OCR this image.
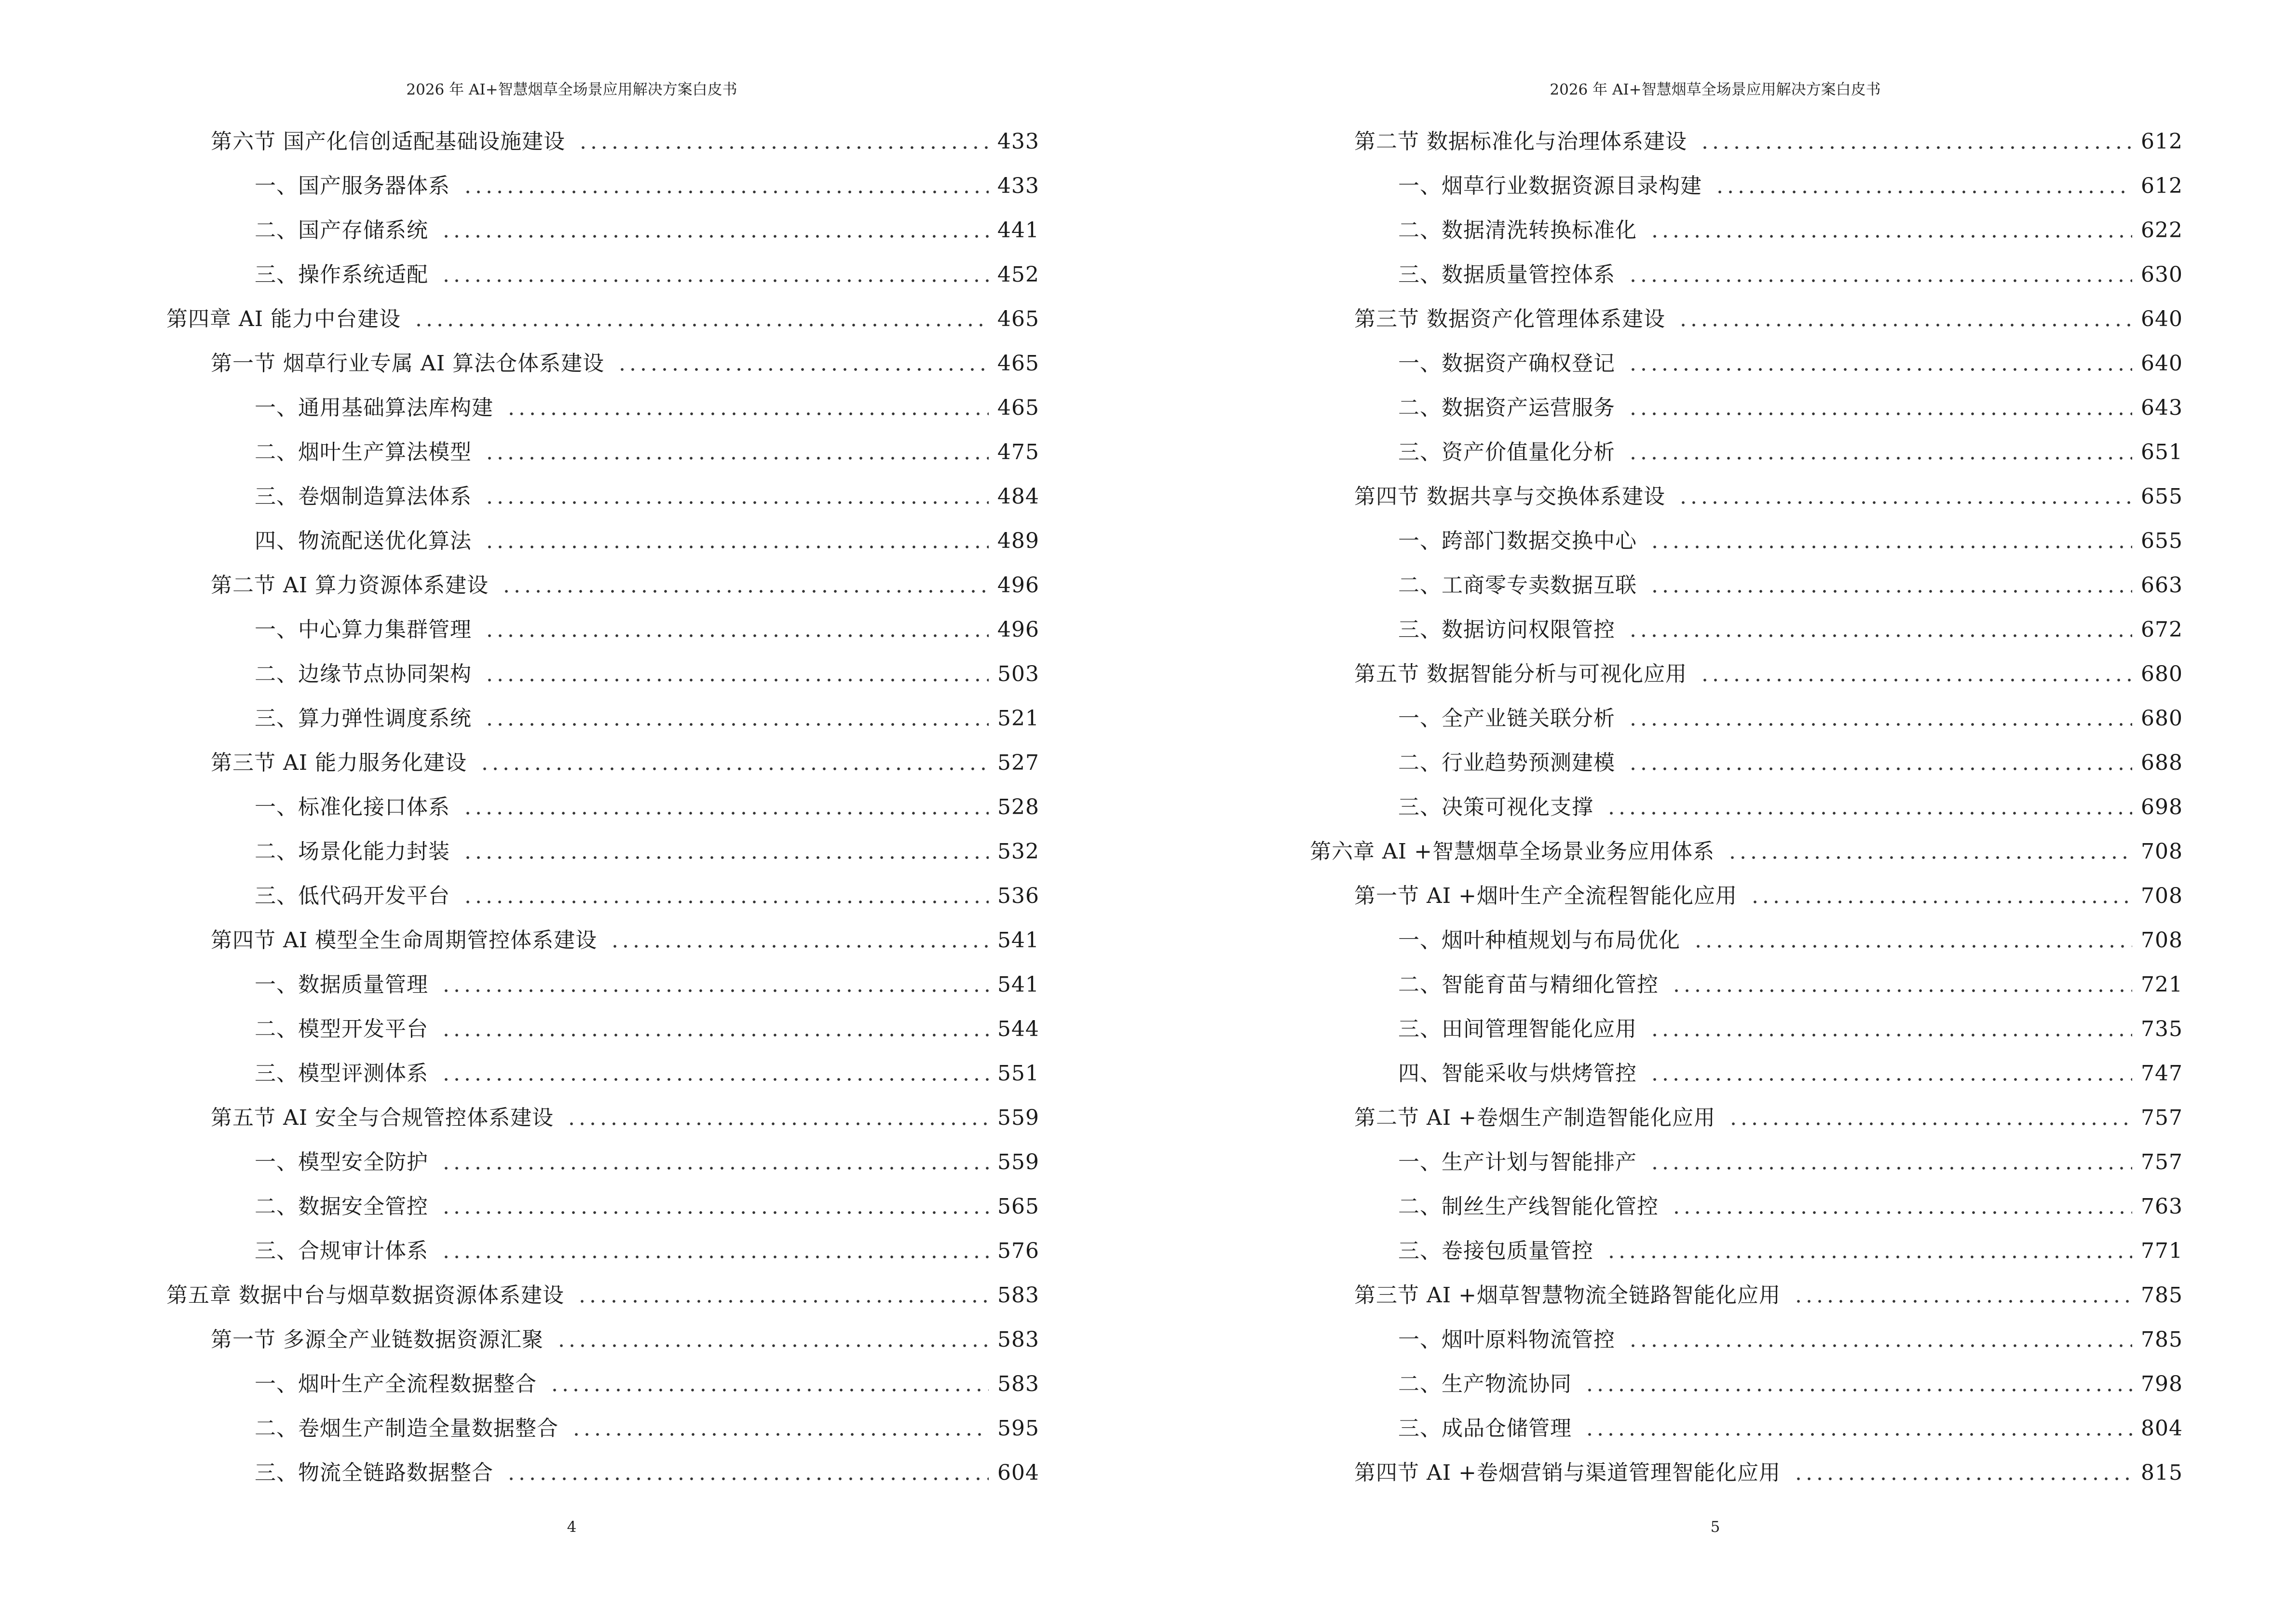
2026 年 AI+智慧烟草全场景应用解决方案白皮书
第六节 国产化信创适配基础设施建设	433
一、国产服务器体系	433
二、国产存储系统	441
三、操作系统适配	452
第四章 AI 能力中台建设	465
第一节 烟草行业专属 AI 算法仓体系建设	465
一、通用基础算法库构建	465
二、烟叶生产算法模型	475
三、卷烟制造算法体系	484
四、物流配送优化算法	489
第二节 AI 算力资源体系建设	496
一、中心算力集群管理	496
二、边缘节点协同架构	503
三、算力弹性调度系统	521
第三节 AI 能力服务化建设	527
一、标准化接口体系	528
二、场景化能力封装	532
三、低代码开发平台	536
第四节 AI 模型全生命周期管控体系建设	541
一、数据质量管理	541
二、模型开发平台	544
三、模型评测体系	551
第五节 AI 安全与合规管控体系建设	559
一、模型安全防护	559
二、数据安全管控	565
三、合规审计体系	576
第五章 数据中台与烟草数据资源体系建设	583
第一节 多源全产业链数据资源汇聚	583
一、烟叶生产全流程数据整合	583
二、卷烟生产制造全量数据整合	595
三、物流全链路数据整合	604
4
2026 年 AI+智慧烟草全场景应用解决方案白皮书
第二节 数据标准化与治理体系建设	612
一、烟草行业数据资源目录构建	612
二、数据清洗转换标准化	622
三、数据质量管控体系	630
第三节 数据资产化管理体系建设	640
一、数据资产确权登记	640
二、数据资产运营服务	643
三、资产价值量化分析	651
第四节 数据共享与交换体系建设	655
一、跨部门数据交换中心	655
二、工商零专卖数据互联	663
三、数据访问权限管控	672
第五节 数据智能分析与可视化应用	680
一、全产业链关联分析	680
二、行业趋势预测建模	688
三、决策可视化支撑	698
第六章 AI +智慧烟草全场景业务应用体系	708
第一节 AI +烟叶生产全流程智能化应用	708
一、烟叶种植规划与布局优化	708
二、智能育苗与精细化管控	721
三、田间管理智能化应用	735
四、智能采收与烘烤管控	747
第二节 AI +卷烟生产制造智能化应用	757
一、生产计划与智能排产	757
二、制丝生产线智能化管控	763
三、卷接包质量管控	771
第三节 AI +烟草智慧物流全链路智能化应用	785
一、烟叶原料物流管控	785
二、生产物流协同	798
三、成品仓储管理	804
第四节 AI +卷烟营销与渠道管理智能化应用	815
5
